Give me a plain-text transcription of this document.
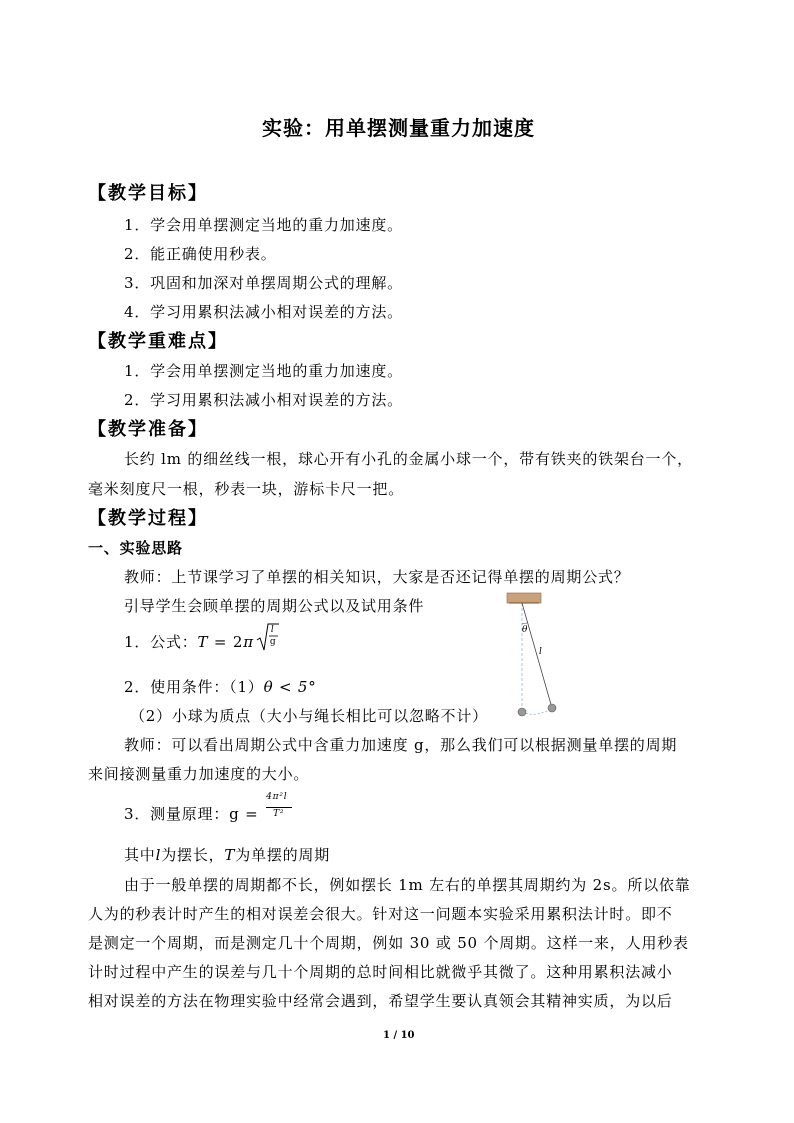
实验：用单摆测量重力加速度
【教学目标】
1．学会用单摆测定当地的重力加速度。
2．能正确使用秒表。
3．巩固和加深对单摆周期公式的理解。
4．学习用累积法减小相对误差的方法。
【教学重难点】
1．学会用单摆测定当地的重力加速度。
2．学习用累积法减小相对误差的方法。
【教学准备】
长约 lm 的细丝线一根，球心开有小孔的金属小球一个，带有铁夹的铁架台一个，
毫米刻度尺一根，秒表一块，游标卡尺一把。
【教学过程】
一、实验思路
教师：上节课学习了单摆的相关知识，大家是否还记得单摆的周期公式？
引导学生会顾单摆的周期公式以及试用条件
1．公式：T = 2π
l
g
2．使用条件：（1）θ < 5°
（2）小球为质点（大小与绳长相比可以忽略不计）
教师：可以看出周期公式中含重力加速度 g，那么我们可以根据测量单摆的周期
来间接测量重力加速度的大小。
3．测量原理：$g = \frac{\text{4π²l}}{\text{T²}}$
其中l为摆长，T为单摆的周期
由于一般单摆的周期都不长，例如摆长 1m 左右的单摆其周期约为 2s。所以依靠
人为的秒表计时产生的相对误差会很大。针对这一问题本实验采用累积法计时。即不
是测定一个周期，而是测定几十个周期，例如 30 或 50 个周期。这样一来，人用秒表
计时过程中产生的误差与几十个周期的总时间相比就微乎其微了。这种用累积法减小
相对误差的方法在物理实验中经常会遇到，希望学生要认真领会其精神实质，为以后
θ
l
1 / 10
